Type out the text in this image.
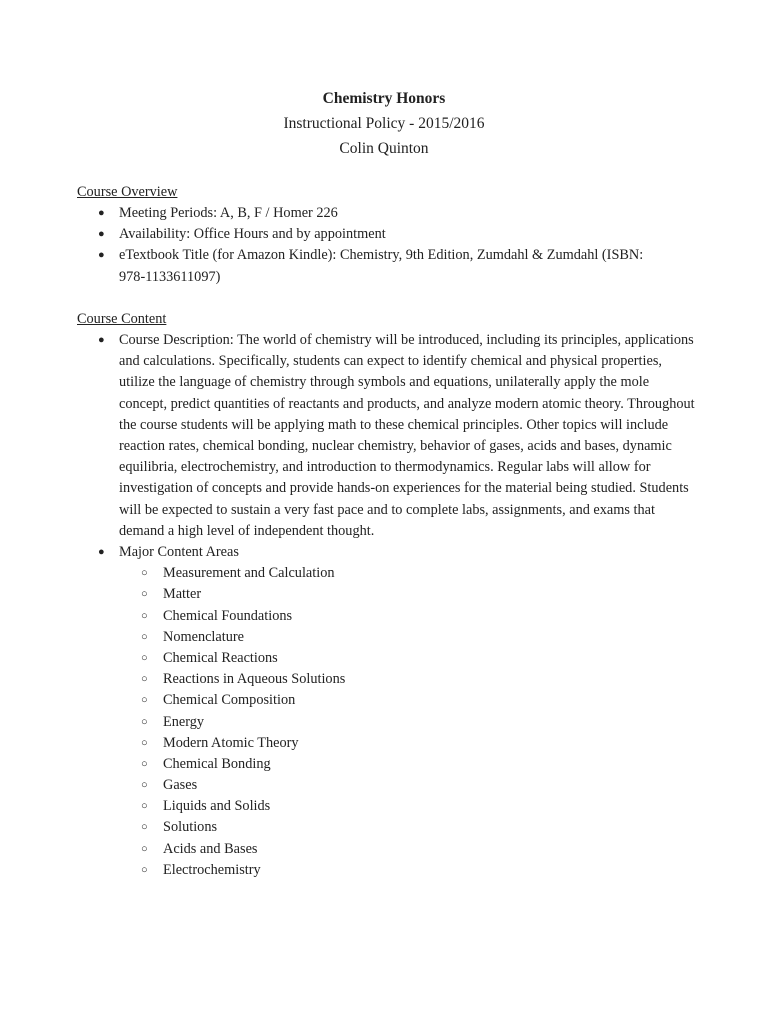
Chemistry Honors
Instructional Policy - 2015/2016
Colin Quinton
Course Overview
● Meeting Periods: A, B, F / Homer 226
● Availability: Office Hours and by appointment
● eTextbook Title (for Amazon Kindle): Chemistry, 9th Edition, Zumdahl & Zumdahl (ISBN: 978-1133611097)
Course Content
● Course Description: The world of chemistry will be introduced, including its principles, applications and calculations. Specifically, students can expect to identify chemical and physical properties, utilize the language of chemistry through symbols and equations, unilaterally apply the mole concept, predict quantities of reactants and products, and analyze modern atomic theory. Throughout the course students will be applying math to these chemical principles. Other topics will include reaction rates, chemical bonding, nuclear chemistry, behavior of gases, acids and bases, dynamic equilibria, electrochemistry, and introduction to thermodynamics. Regular labs will allow for investigation of concepts and provide hands-on experiences for the material being studied. Students will be expected to sustain a very fast pace and to complete labs, assignments, and exams that demand a high level of independent thought.
● Major Content Areas
○ Measurement and Calculation
○ Matter
○ Chemical Foundations
○ Nomenclature
○ Chemical Reactions
○ Reactions in Aqueous Solutions
○ Chemical Composition
○ Energy
○ Modern Atomic Theory
○ Chemical Bonding
○ Gases
○ Liquids and Solids
○ Solutions
○ Acids and Bases
○ Electrochemistry
